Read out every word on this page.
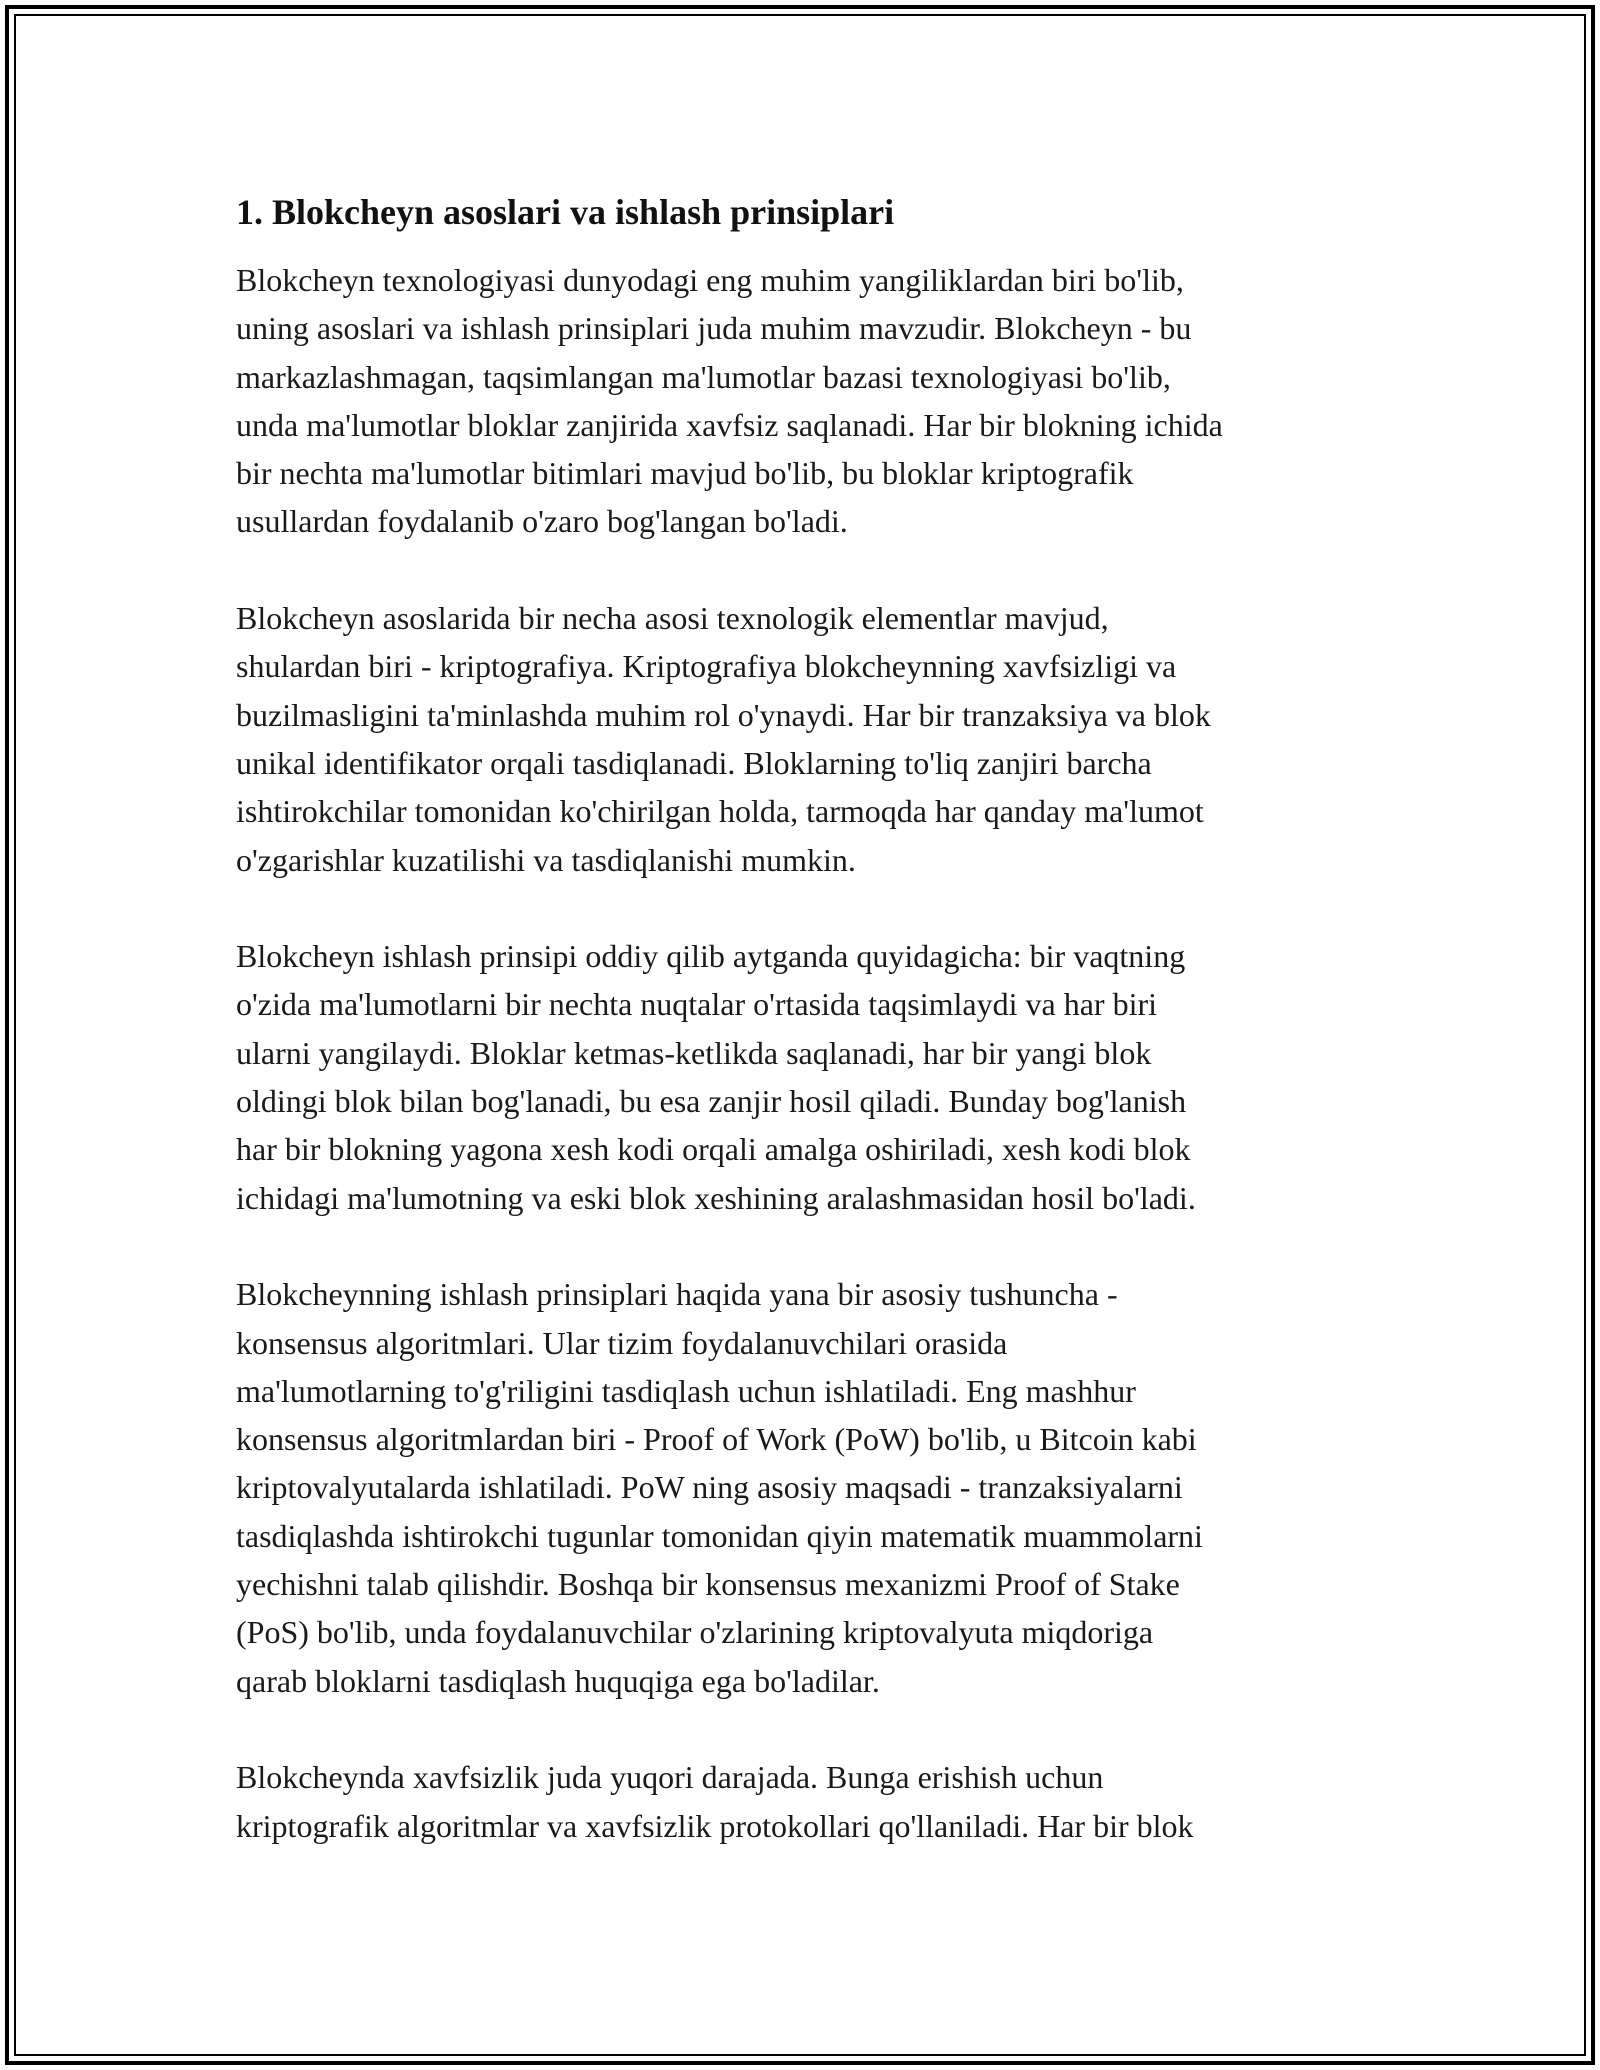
1. Blokcheyn asoslari va ishlash prinsiplari

Blokcheyn texnologiyasi dunyodagi eng muhim yangiliklardan biri bo'lib,
uning asoslari va ishlash prinsiplari juda muhim mavzudir. Blokcheyn - bu
markazlashmagan, taqsimlangan ma'lumotlar bazasi texnologiyasi bo'lib,
unda ma'lumotlar bloklar zanjirida xavfsiz saqlanadi. Har bir blokning ichida
bir nechta ma'lumotlar bitimlari mavjud bo'lib, bu bloklar kriptografik
usullardan foydalanib o'zaro bog'langan bo'ladi.

Blokcheyn asoslarida bir necha asosi texnologik elementlar mavjud,
shulardan biri - kriptografiya. Kriptografiya blokcheynning xavfsizligi va
buzilmasligini ta'minlashda muhim rol o'ynaydi. Har bir tranzaksiya va blok
unikal identifikator orqali tasdiqlanadi. Bloklarning to'liq zanjiri barcha
ishtirokchilar tomonidan ko'chirilgan holda, tarmoqda har qanday ma'lumot
o'zgarishlar kuzatilishi va tasdiqlanishi mumkin.

Blokcheyn ishlash prinsipi oddiy qilib aytganda quyidagicha: bir vaqtning
o'zida ma'lumotlarni bir nechta nuqtalar o'rtasida taqsimlaydi va har biri
ularni yangilaydi. Bloklar ketmas-ketlikda saqlanadi, har bir yangi blok
oldingi blok bilan bog'lanadi, bu esa zanjir hosil qiladi. Bunday bog'lanish
har bir blokning yagona xesh kodi orqali amalga oshiriladi, xesh kodi blok
ichidagi ma'lumotning va eski blok xeshining aralashmasidan hosil bo'ladi.

Blokcheynning ishlash prinsiplari haqida yana bir asosiy tushuncha -
konsensus algoritmlari. Ular tizim foydalanuvchilari orasida
ma'lumotlarning to'g'riligini tasdiqlash uchun ishlatiladi. Eng mashhur
konsensus algoritmlardan biri - Proof of Work (PoW) bo'lib, u Bitcoin kabi
kriptovalyutalarda ishlatiladi. PoW ning asosiy maqsadi - tranzaksiyalarni
tasdiqlashda ishtirokchi tugunlar tomonidan qiyin matematik muammolarni
yechishni talab qilishdir. Boshqa bir konsensus mexanizmi Proof of Stake
(PoS) bo'lib, unda foydalanuvchilar o'zlarining kriptovalyuta miqdoriga
qarab bloklarni tasdiqlash huquqiga ega bo'ladilar.

Blokcheynda xavfsizlik juda yuqori darajada. Bunga erishish uchun
kriptografik algoritmlar va xavfsizlik protokollari qo'llaniladi. Har bir blok
